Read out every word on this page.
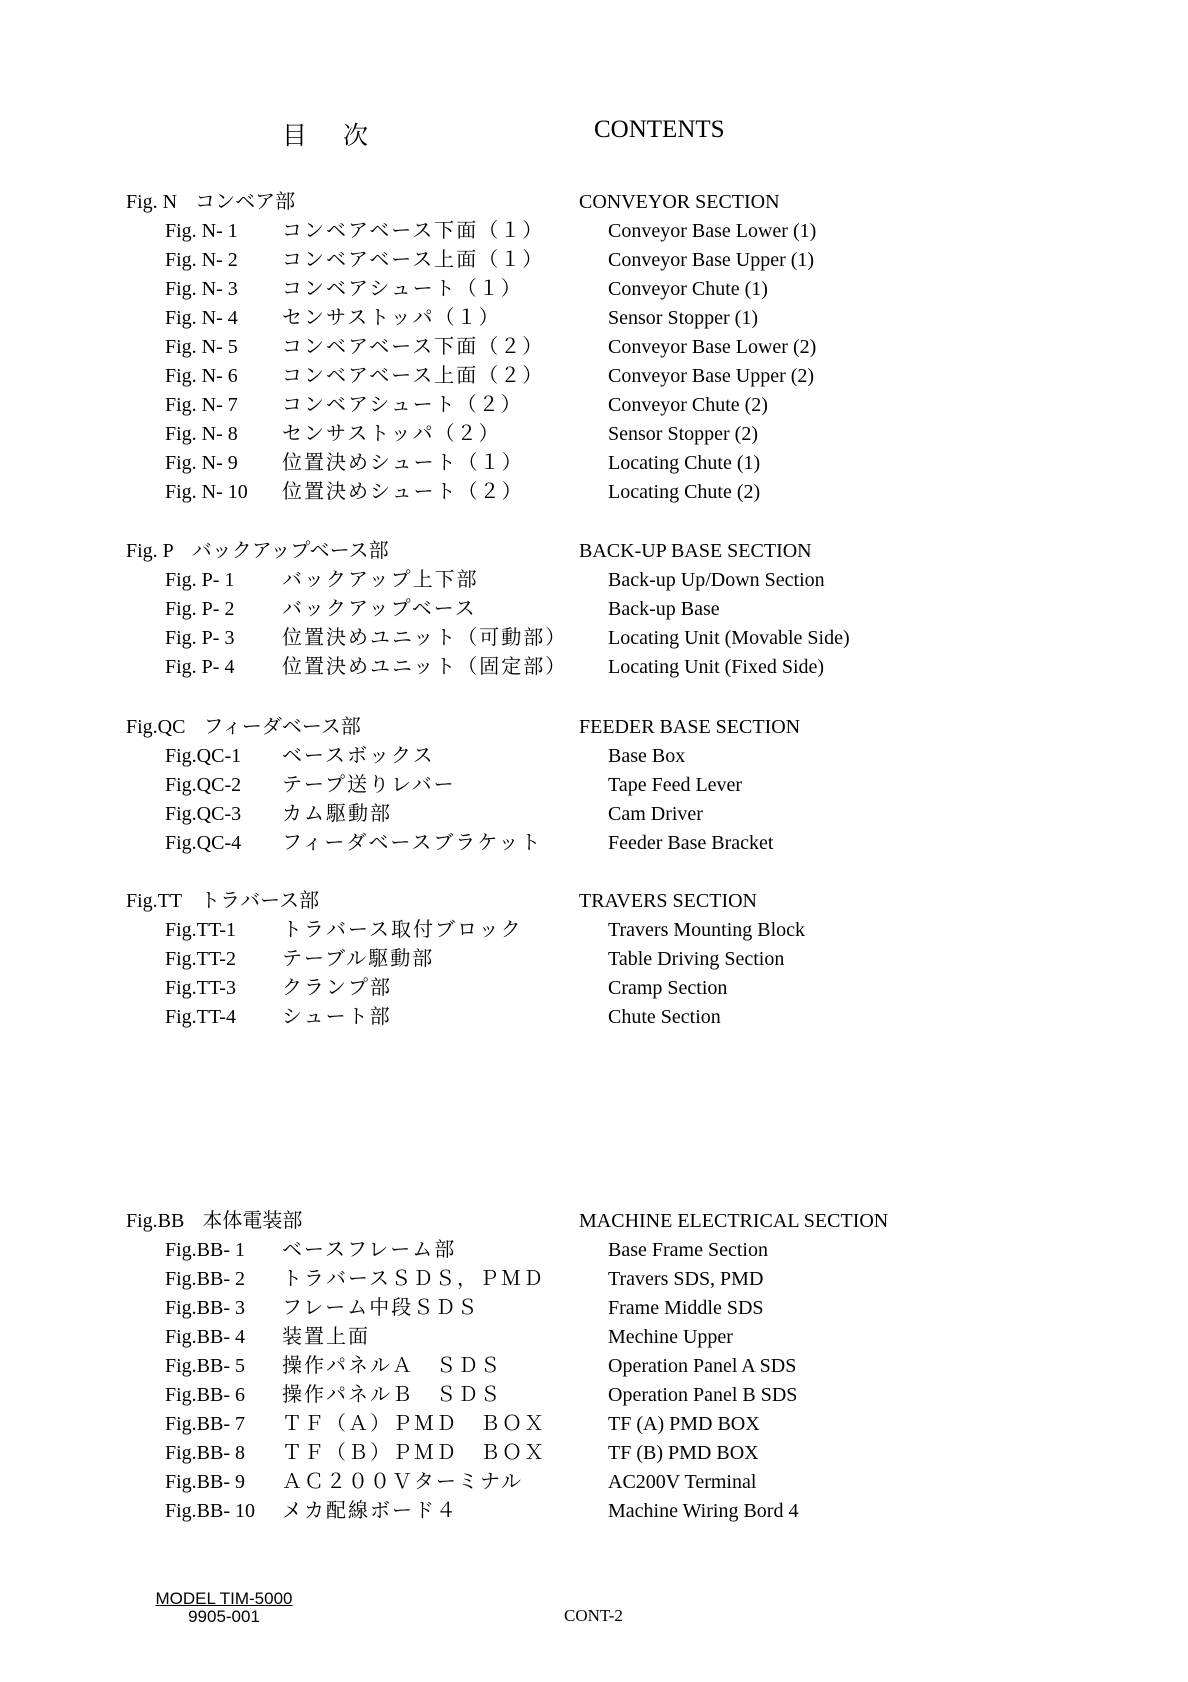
目次	CONTENTS
Fig. N コンベア部	CONVEYOR SECTION
Fig. N- 1 コンベアベース下面（１）	Conveyor Base Lower (1)
Fig. N- 2 コンベアベース上面（１）	Conveyor Base Upper (1)
Fig. N- 3 コンベアシュート（１）	Conveyor Chute (1)
Fig. N- 4 センサストッパ（１）	Sensor Stopper (1)
Fig. N- 5 コンベアベース下面（２）	Conveyor Base Lower (2)
Fig. N- 6 コンベアベース上面（２）	Conveyor Base Upper (2)
Fig. N- 7 コンベアシュート（２）	Conveyor Chute (2)
Fig. N- 8 センサストッパ（２）	Sensor Stopper (2)
Fig. N- 9 位置決めシュート（１）	Locating Chute (1)
Fig. N- 10 位置決めシュート（２）	Locating Chute (2)
Fig. P バックアップベース部	BACK-UP BASE SECTION
Fig. P- 1 バックアップ上下部	Back-up Up/Down Section
Fig. P- 2 バックアップベース	Back-up Base
Fig. P- 3 位置決めユニット（可動部） Locating Unit (Movable Side)
Fig. P- 4 位置決めユニット（固定部） Locating Unit (Fixed Side)
Fig.QC フィーダベース部	FEEDER BASE SECTION
Fig.QC-1 ベースボックス	Base Box
Fig.QC-2 テープ送りレバー	Tape Feed Lever
Fig.QC-3 カム駆動部	Cam Driver
Fig.QC-4 フィーダベースブラケット	Feeder Base Bracket
Fig.TT トラバース部	TRAVERS SECTION
Fig.TT-1 トラバース取付ブロック	Travers Mounting Block
Fig.TT-2 テーブル駆動部	Table Driving Section
Fig.TT-3 クランプ部	Cramp Section
Fig.TT-4 シュート部	Chute Section
Fig.BB 本体電装部	MACHINE ELECTRICAL SECTION
Fig.BB- 1 ベースフレーム部	Base Frame Section
Fig.BB- 2 トラバースＳＤＳ，ＰＭＤ	Travers SDS, PMD
Fig.BB- 3 フレーム中段ＳＤＳ	Frame Middle SDS
Fig.BB- 4 装置上面	Mechine Upper
Fig.BB- 5 操作パネルＡ　ＳＤＳ	Operation Panel A SDS
Fig.BB- 6 操作パネルＢ　ＳＤＳ	Operation Panel B SDS
Fig.BB- 7 ＴＦ（Ａ）ＰＭＤ　ＢＯＸ	TF (A) PMD BOX
Fig.BB- 8 ＴＦ（Ｂ）ＰＭＤ　ＢＯＸ	TF (B) PMD BOX
Fig.BB- 9 ＡＣ２００Ｖターミナル	AC200V Terminal
Fig.BB- 10 メカ配線ボード４	Machine Wiring Bord 4
MODEL TIM-5000
9905-001	CONT-2
